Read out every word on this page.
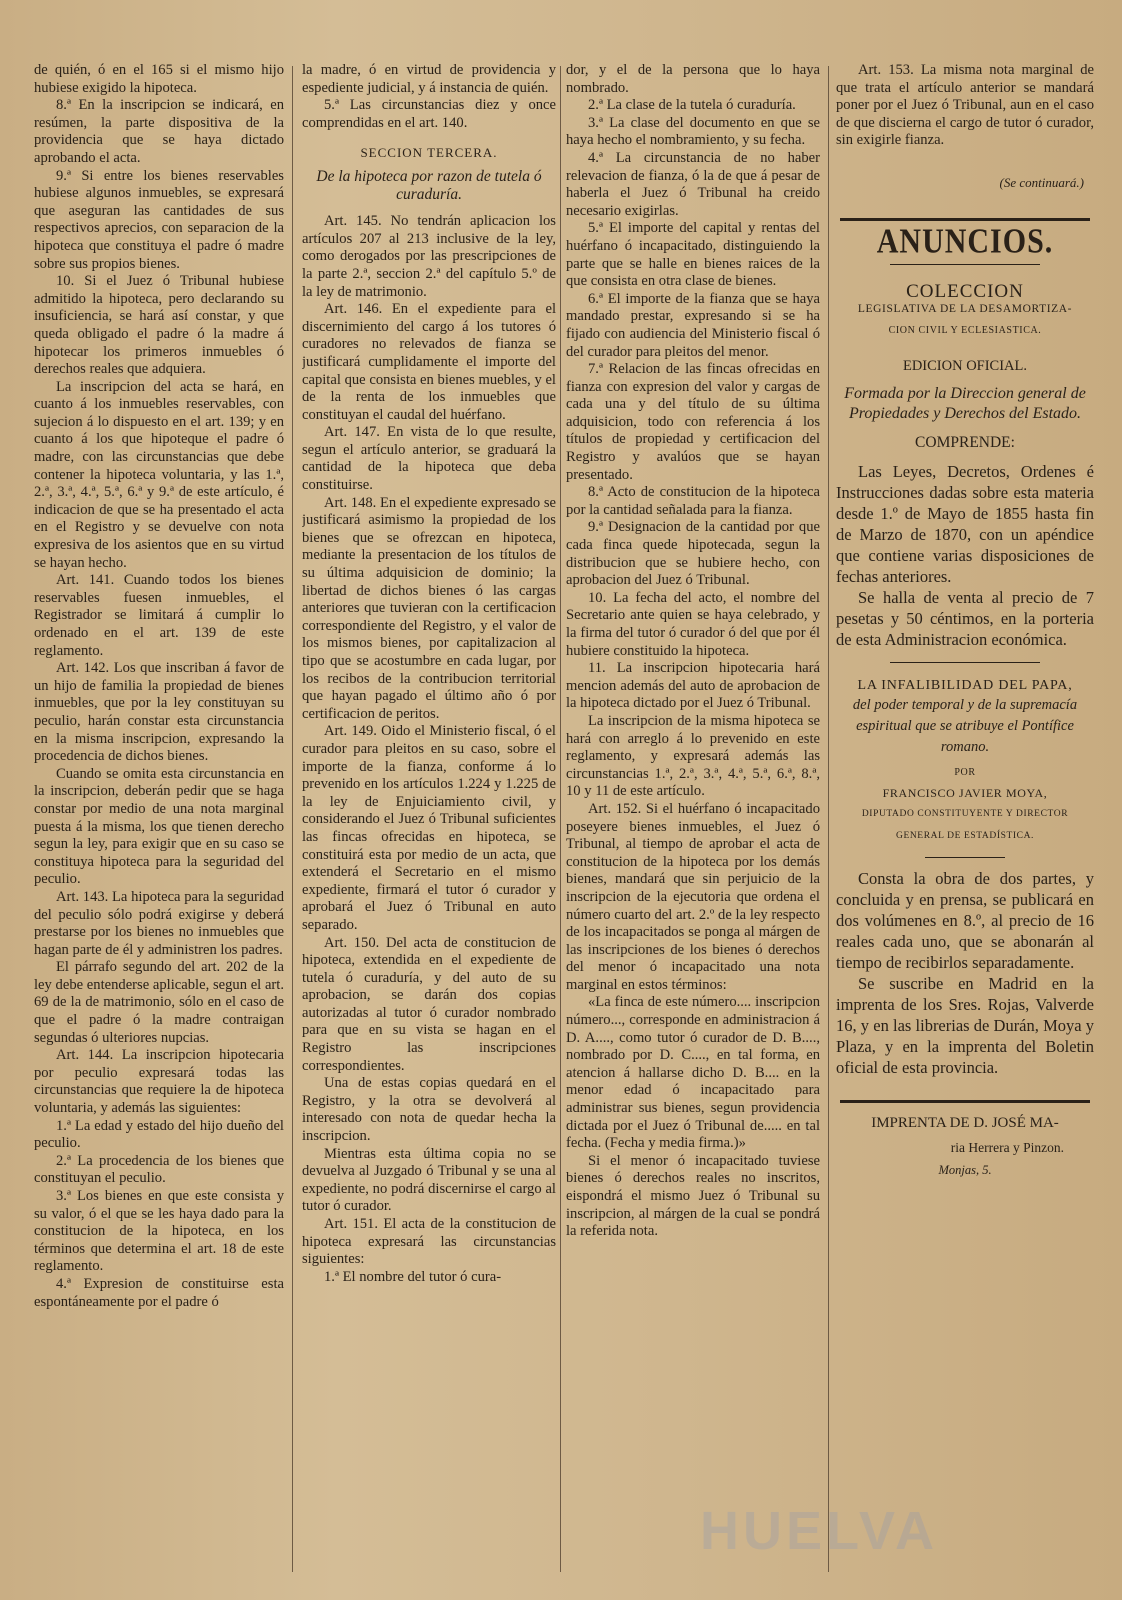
de quién, ó en el 165 si el mismo hijo hubiese exigido la hipoteca.

8.ª En la inscripcion se indicará, en resúmen, la parte dispositiva de la providencia que se haya dictado aprobando el acta.

9.ª Si entre los bienes reservables hubiese algunos inmuebles, se expresará que aseguran las cantidades de sus respectivos aprecios, con separacion de la hipoteca que constituya el padre ó madre sobre sus propios bienes.

10. Si el Juez ó Tribunal hubiese admitido la hipoteca, pero declarando su insuficiencia, se hará así constar, y que queda obligado el padre ó la madre á hipotecar los primeros inmuebles ó derechos reales que adquiera.

La inscripcion del acta se hará, en cuanto á los inmuebles reservables, con sujecion á lo dispuesto en el art. 139; y en cuanto á los que hipoteque el padre ó madre, con las circunstancias que debe contener la hipoteca voluntaria, y las 1.ª, 2.ª, 3.ª, 4.ª, 5.ª, 6.ª y 9.ª de este artículo, é indicacion de que se ha presentado el acta en el Registro y se devuelve con nota expresiva de los asientos que en su virtud se hayan hecho.

Art. 141. Cuando todos los bienes reservables fuesen inmuebles, el Registrador se limitará á cumplir lo ordenado en el art. 139 de este reglamento.

Art. 142. Los que inscriban á favor de un hijo de familia la propiedad de bienes inmuebles, que por la ley constituyan su peculio, harán constar esta circunstancia en la misma inscripcion, expresando la procedencia de dichos bienes.

Cuando se omita esta circunstancia en la inscripcion, deberán pedir que se haga constar por medio de una nota marginal puesta á la misma, los que tienen derecho segun la ley, para exigir que en su caso se constituya hipoteca para la seguridad del peculio.

Art. 143. La hipoteca para la seguridad del peculio sólo podrá exigirse y deberá prestarse por los bienes no inmuebles que hagan parte de él y administren los padres.

El párrafo segundo del art. 202 de la ley debe entenderse aplicable, segun el art. 69 de la de matrimonio, sólo en el caso de que el padre ó la madre contraigan segundas ó ulteriores nupcias.

Art. 144. La inscripcion hipotecaria por peculio expresará todas las circunstancias que requiere la de hipoteca voluntaria, y además las siguientes:

1.ª La edad y estado del hijo dueño del peculio.

2.ª La procedencia de los bienes que constituyan el peculio.

3.ª Los bienes en que este consista y su valor, ó el que se les haya dado para la constitucion de la hipoteca, en los términos que determina el art. 18 de este reglamento.

4.ª Expresion de constituirse esta espontáneamente por el padre ó

la madre, ó en virtud de providencia y espediente judicial, y á instancia de quién.

5.ª Las circunstancias diez y once comprendidas en el art. 140.

SECCION TERCERA.
De la hipoteca por razon de tutela ó curaduría.

Art. 145. No tendrán aplicacion los artículos 207 al 213 inclusive de la ley, como derogados por las prescripciones de la parte 2.ª, seccion 2.ª del capítulo 5.º de la ley de matrimonio.

Art. 146. En el expediente para el discernimiento del cargo á los tutores ó curadores no relevados de fianza se justificará cumplidamente el importe del capital que consista en bienes muebles, y el de la renta de los inmuebles que constituyan el caudal del huérfano.

Art. 147. En vista de lo que resulte, segun el artículo anterior, se graduará la cantidad de la hipoteca que deba constituirse.

Art. 148. En el expediente expresado se justificará asimismo la propiedad de los bienes que se ofrezcan en hipoteca, mediante la presentacion de los títulos de su última adquisicion de dominio; la libertad de dichos bienes ó las cargas anteriores que tuvieran con la certificacion correspondiente del Registro, y el valor de los mismos bienes, por capitalizacion al tipo que se acostumbre en cada lugar, por los recibos de la contribucion territorial que hayan pagado el último año ó por certificacion de peritos.

Art. 149. Oido el Ministerio fiscal, ó el curador para pleitos en su caso, sobre el importe de la fianza, conforme á lo prevenido en los artículos 1.224 y 1.225 de la ley de Enjuiciamiento civil, y considerando el Juez ó Tribunal suficientes las fincas ofrecidas en hipoteca, se constituirá esta por medio de un acta, que extenderá el Secretario en el mismo expediente, firmará el tutor ó curador y aprobará el Juez ó Tribunal en auto separado.

Art. 150. Del acta de constitucion de hipoteca, extendida en el expediente de tutela ó curaduría, y del auto de su aprobacion, se darán dos copias autorizadas al tutor ó curador nombrado para que en su vista se hagan en el Registro las inscripciones correspondientes.

Una de estas copias quedará en el Registro, y la otra se devolverá al interesado con nota de quedar hecha la inscripcion.

Mientras esta última copia no se devuelva al Juzgado ó Tribunal y se una al expediente, no podrá discernirse el cargo al tutor ó curador.

Art. 151. El acta de la constitucion de hipoteca expresará las circunstancias siguientes:

1.ª El nombre del tutor ó cura-

dor, y el de la persona que lo haya nombrado.

2.ª La clase de la tutela ó curaduría.

3.ª La clase del documento en que se haya hecho el nombramiento, y su fecha.

4.ª La circunstancia de no haber relevacion de fianza, ó la de que á pesar de haberla el Juez ó Tribunal ha creido necesario exigirlas.

5.ª El importe del capital y rentas del huérfano ó incapacitado, distinguiendo la parte que se halle en bienes raices de la que consista en otra clase de bienes.

6.ª El importe de la fianza que se haya mandado prestar, expresando si se ha fijado con audiencia del Ministerio fiscal ó del curador para pleitos del menor.

7.ª Relacion de las fincas ofrecidas en fianza con expresion del valor y cargas de cada una y del título de su última adquisicion, todo con referencia á los títulos de propiedad y certificacion del Registro y avalúos que se hayan presentado.

8.ª Acto de constitucion de la hipoteca por la cantidad señalada para la fianza.

9.ª Designacion de la cantidad por que cada finca quede hipotecada, segun la distribucion que se hubiere hecho, con aprobacion del Juez ó Tribunal.

10. La fecha del acto, el nombre del Secretario ante quien se haya celebrado, y la firma del tutor ó curador ó del que por él hubiere constituido la hipoteca.

11. La inscripcion hipotecaria hará mencion además del auto de aprobacion de la hipoteca dictado por el Juez ó Tribunal.

La inscripcion de la misma hipoteca se hará con arreglo á lo prevenido en este reglamento, y expresará además las circunstancias 1.ª, 2.ª, 3.ª, 4.ª, 5.ª, 6.ª, 8.ª, 10 y 11 de este artículo.

Art. 152. Si el huérfano ó incapacitado poseyere bienes inmuebles, el Juez ó Tribunal, al tiempo de aprobar el acta de constitucion de la hipoteca por los demás bienes, mandará que sin perjuicio de la inscripcion de la ejecutoria que ordena el número cuarto del art. 2.º de la ley respecto de los incapacitados se ponga al márgen de las inscripciones de los bienes ó derechos del menor ó incapacitado una nota marginal en estos términos:

«La finca de este número.... inscripcion número..., corresponde en administracion á D. A...., como tutor ó curador de D. B...., nombrado por D. C...., en tal forma, en atencion á hallarse dicho D. B.... en la menor edad ó incapacitado para administrar sus bienes, segun providencia dictada por el Juez ó Tribunal de..... en tal fecha. (Fecha y media firma.)»

Si el menor ó incapacitado tuviese bienes ó derechos reales no inscritos, eispondrá el mismo Juez ó Tribunal su inscripcion, al márgen de la cual se pondrá la referida nota.

Art. 153. La misma nota marginal de que trata el artículo anterior se mandará poner por el Juez ó Tribunal, aun en el caso de que discierna el cargo de tutor ó curador, sin exigirle fianza.

(Se continuará.)
ANUNCIOS.
COLECCION
LEGISLATIVA DE LA DESAMORTIZA-
CION CIVIL Y ECLESIASTICA.
EDICION OFICIAL.
Formada por la Direccion general de Propiedades y Derechos del Estado.
COMPRENDE:

Las Leyes, Decretos, Ordenes é Instrucciones dadas sobre esta materia desde 1.º de Mayo de 1855 hasta fin de Marzo de 1870, con un apéndice que contiene varias disposiciones de fechas anteriores.

Se halla de venta al precio de 7 pesetas y 50 céntimos, en la porteria de esta Administracion económica.

LA INFALIBILIDAD DEL PAPA,
del poder temporal y de la supremacía espiritual que se atribuye el Pontífice romano.
POR
FRANCISCO JAVIER MOYA,
DIPUTADO CONSTITUYENTE Y DIRECTOR GENERAL DE ESTADÍSTICA.

Consta la obra de dos partes, y concluida y en prensa, se publicará en dos volúmenes en 8.º, al precio de 16 reales cada uno, que se abonarán al tiempo de recibirlos separadamente.

Se suscribe en Madrid en la imprenta de los Sres. Rojas, Valverde 16, y en las librerias de Durán, Moya y Plaza, y en la imprenta del Boletin oficial de esta provincia.

IMPRENTA DE D. JOSÉ MA-
ria Herrera y Pinzon.
Monjas, 5.
HUELVA
